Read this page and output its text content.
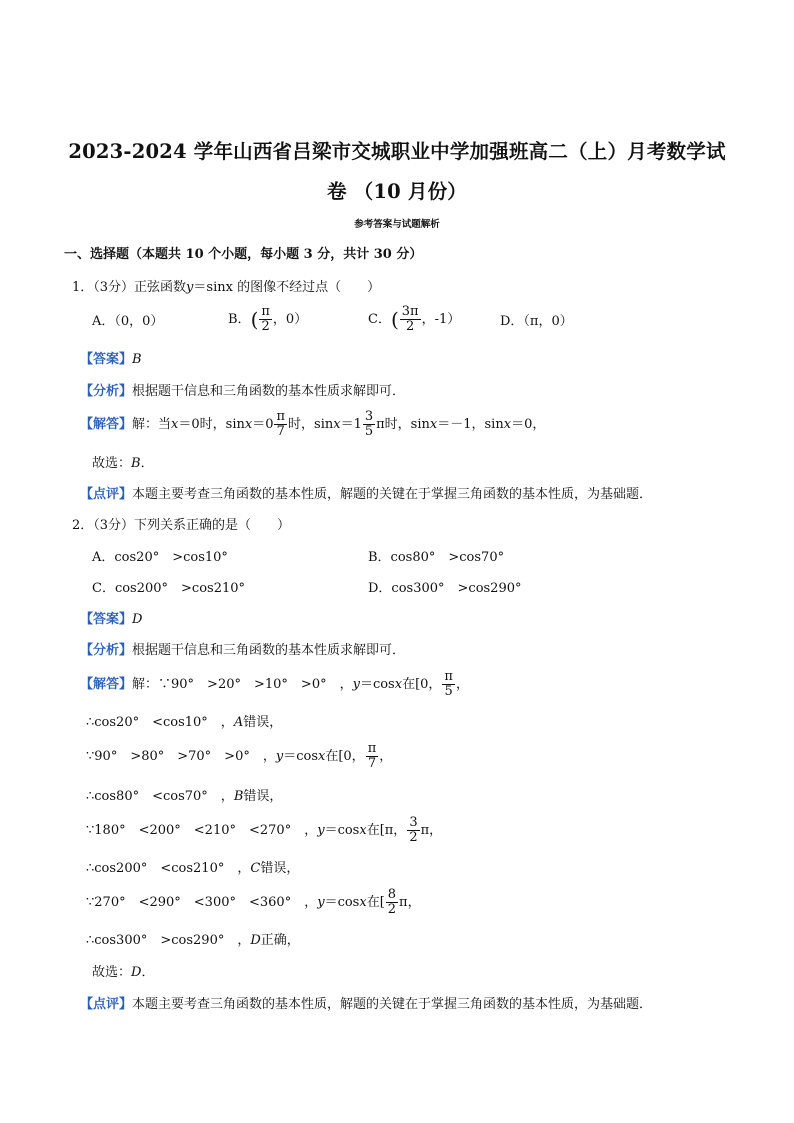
2023-2024 学年山西省吕梁市交城职业中学加强班高二（上）月考数学试
卷 （10 月份）
参考答案与试题解析
一、选择题（本题共 10 个小题，每小题 3 分，共计 30 分）
1．（3分）正弦函数y＝sinx 的图像不经过点（　　）
A．（0，0）	B．( $\frac{\pi}{2}$ ，0）	C．( $\frac{3\pi}{2}$ ，-1）	D．（π，0）
【答案】B
【分析】根据题干信息和三角函数的基本性质求解即可．
【解答】解：当x＝0时，$\sin x=0 \frac{\pi}{7}$ 时，$\sin x=1 \frac{3}{5}$ π时，sinx＝－1，sinx＝0，
故选：B．
【点评】本题主要考查三角函数的基本性质，解题的关键在于掌握三角函数的基本性质，为基础题．
2．（3分）下列关系正确的是（　　）
A．cos20°　>cos10°	B．cos80°　>cos70°
C．cos200°　>cos210°	D．cos300°　>cos290°
【答案】D
【分析】根据题干信息和三角函数的基本性质求解即可．
【解答】解：∵90°　>20°　>10°　>0°　，y＝cosx在[0， $\frac{\pi}{5}$ ，
∴cos20°　<cos10°　，A错误，
∵90°　>80°　>70°　>0°　，y＝cosx在[0， $\frac{\pi}{7}$ ，
∴cos80°　<cos70°　，B错误，
∵180°　<200°　<210°　<270°　，y＝cosx在[π， $\frac{3}{2}$ π，
∴cos200°　<cos210°　，C错误，
∵270°　<290°　<300°　<360°　，y＝cosx在[ $\frac{8}{2}$ π，
∴cos300°　>cos290°　，D正确，
故选：D．
【点评】本题主要考查三角函数的基本性质，解题的关键在于掌握三角函数的基本性质，为基础题．
